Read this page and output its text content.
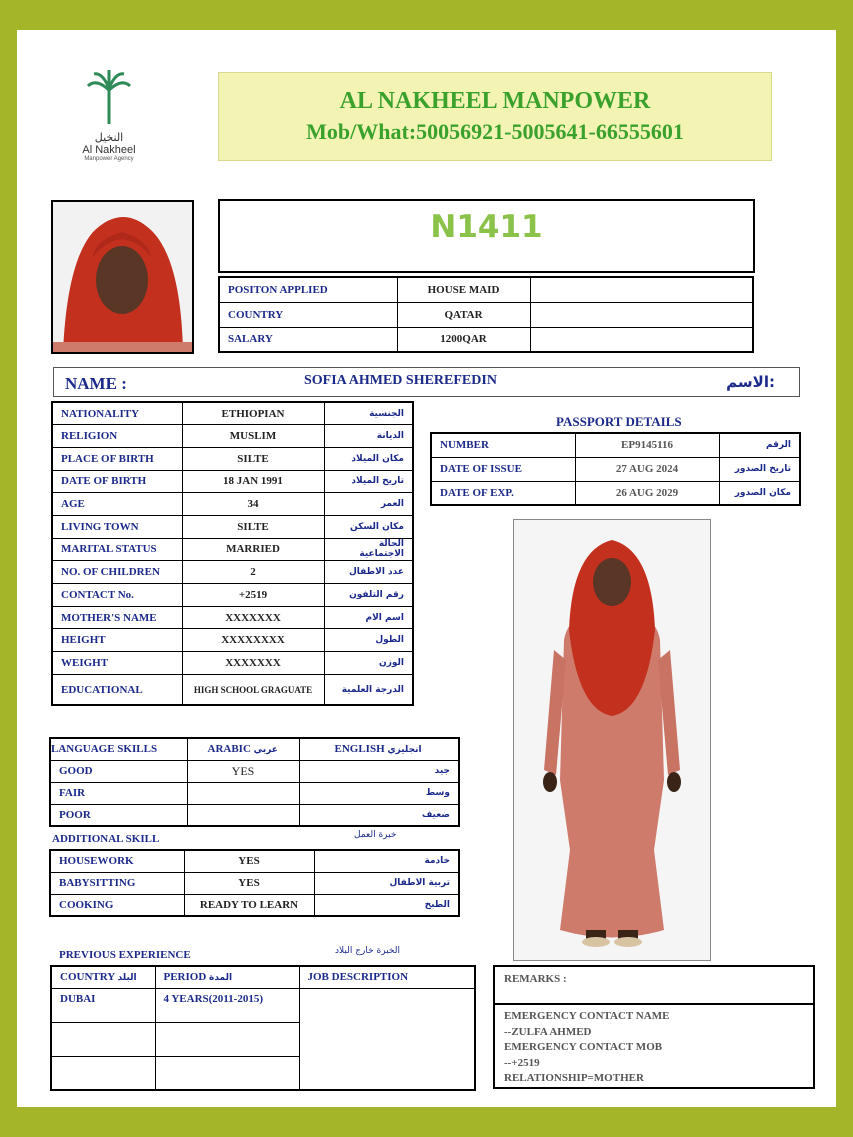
النخيل
Al Nakheel
Manpower Agency
AL NAKHEEL MANPOWER
Mob/What:50056921-5005641-66555601
N1411
POSITON APPLIED	HOUSE MAID	
COUNTRY	QATAR	
SALARY	1200QAR	
NAME :	SOFIA AHMED SHEREFEDIN	الاسم:
NATIONALITY	ETHIOPIAN	الجنسية
RELIGION	MUSLIM	الديانة
PLACE OF BIRTH	SILTE	مكان الميلاد
DATE OF BIRTH	18 JAN 1991	تاريخ الميلاد
AGE	34	العمر
LIVING TOWN	SILTE	مكان السكن
MARITAL STATUS	MARRIED	الحالة الاجتماعية
NO. OF CHILDREN	2	عدد الاطفال
CONTACT No.	+2519	رقم التلفون
MOTHER'S NAME	XXXXXXX	اسم الام
HEIGHT	XXXXXXXX	الطول
WEIGHT	XXXXXXX	الوزن
EDUCATIONAL	HIGH SCHOOL GRAGUATE	الدرجة العلمية
PASSPORT DETAILS
NUMBER	EP9145116	الرقم
DATE OF ISSUE	27 AUG 2024	تاريخ الصدور
DATE OF EXP.	26 AUG 2029	مكان الصدور
LANGUAGE SKILLS	ARABIC عربي	ENGLISH انجليزي
GOOD	YES	جيد
FAIR		وسط
POOR		ضعيف
ADDITIONAL SKILL	خبرة العمل
HOUSEWORK	YES	خادمة
BABYSITTING	YES	تربية الاطفال
COOKING	READY TO LEARN	الطبخ
PREVIOUS EXPERIENCE	الخبرة خارج البلاد
COUNTRY البلد	PERIOD المدة	JOB DESCRIPTION
DUBAI	4 YEARS(2011-2015)	

REMARKS :
EMERGENCY CONTACT NAME
--ZULFA AHMED
EMERGENCY CONTACT MOB
--+2519
RELATIONSHIP=MOTHER
